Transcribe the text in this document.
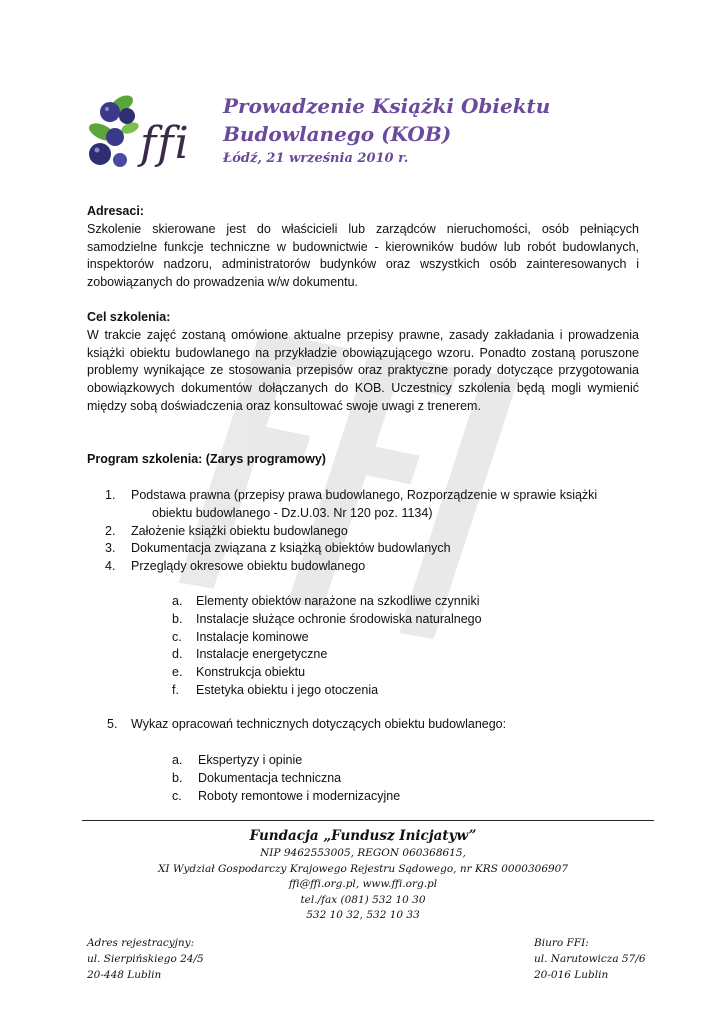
ffi
Prowadzenie Książki Obiektu Budowlanego (KOB)
Łódź, 21 września 2010 r.
Adresaci:

Szkolenie skierowane jest do właścicieli lub zarządców nieruchomości, osób pełniących samodzielne funkcje techniczne w budownictwie - kierowników budów lub robót budowlanych, inspektorów nadzoru, administratorów budynków oraz wszystkich osób zainteresowanych i zobowiązanych do prowadzenia w/w dokumentu.

Cel szkolenia:

W trakcie zajęć zostaną omówione aktualne przepisy prawne, zasady zakładania i prowadzenia książki obiektu budowlanego na przykładzie obowiązującego wzoru. Ponadto zostaną poruszone problemy wynikające ze stosowania przepisów oraz praktyczne porady dotyczące przygotowania obowiązkowych dokumentów dołączanych do KOB. Uczestnicy szkolenia będą mogli wymienić między sobą doświadczenia oraz konsultować swoje uwagi z trenerem.

Program szkolenia: (Zarys programowy)
1. Podstawa prawna (przepisy prawa budowlanego, Rozporządzenie w sprawie książki
obiektu budowlanego - Dz.U.03. Nr 120 poz. 1134)
2. Założenie książki obiektu budowlanego
3. Dokumentacja związana z książką obiektów budowlanych
4. Przeglądy okresowe obiektu budowlanego
a. Elementy obiektów narażone na szkodliwe czynniki
b. Instalacje służące ochronie środowiska naturalnego
c. Instalacje kominowe
d. Instalacje energetyczne
e. Konstrukcja obiektu
f. Estetyka obiektu i jego otoczenia
5. Wykaz opracowań technicznych dotyczących obiektu budowlanego:
a. Ekspertyzy i opinie
b. Dokumentacja techniczna
c. Roboty remontowe i modernizacyjne
Fundacja „Fundusz Inicjatyw”
NIP 9462553005, REGON 060368615,
XI Wydział Gospodarczy Krajowego Rejestru Sądowego, nr KRS 0000306907
ffi@ffi.org.pl, www.ffi.org.pl
tel./fax (081) 532 10 30
532 10 32, 532 10 33
Adres rejestracyjny:
ul. Sierpińskiego 24/5
20-448 Lublin
Biuro FFI:
ul. Narutowicza 57/6
20-016 Lublin
